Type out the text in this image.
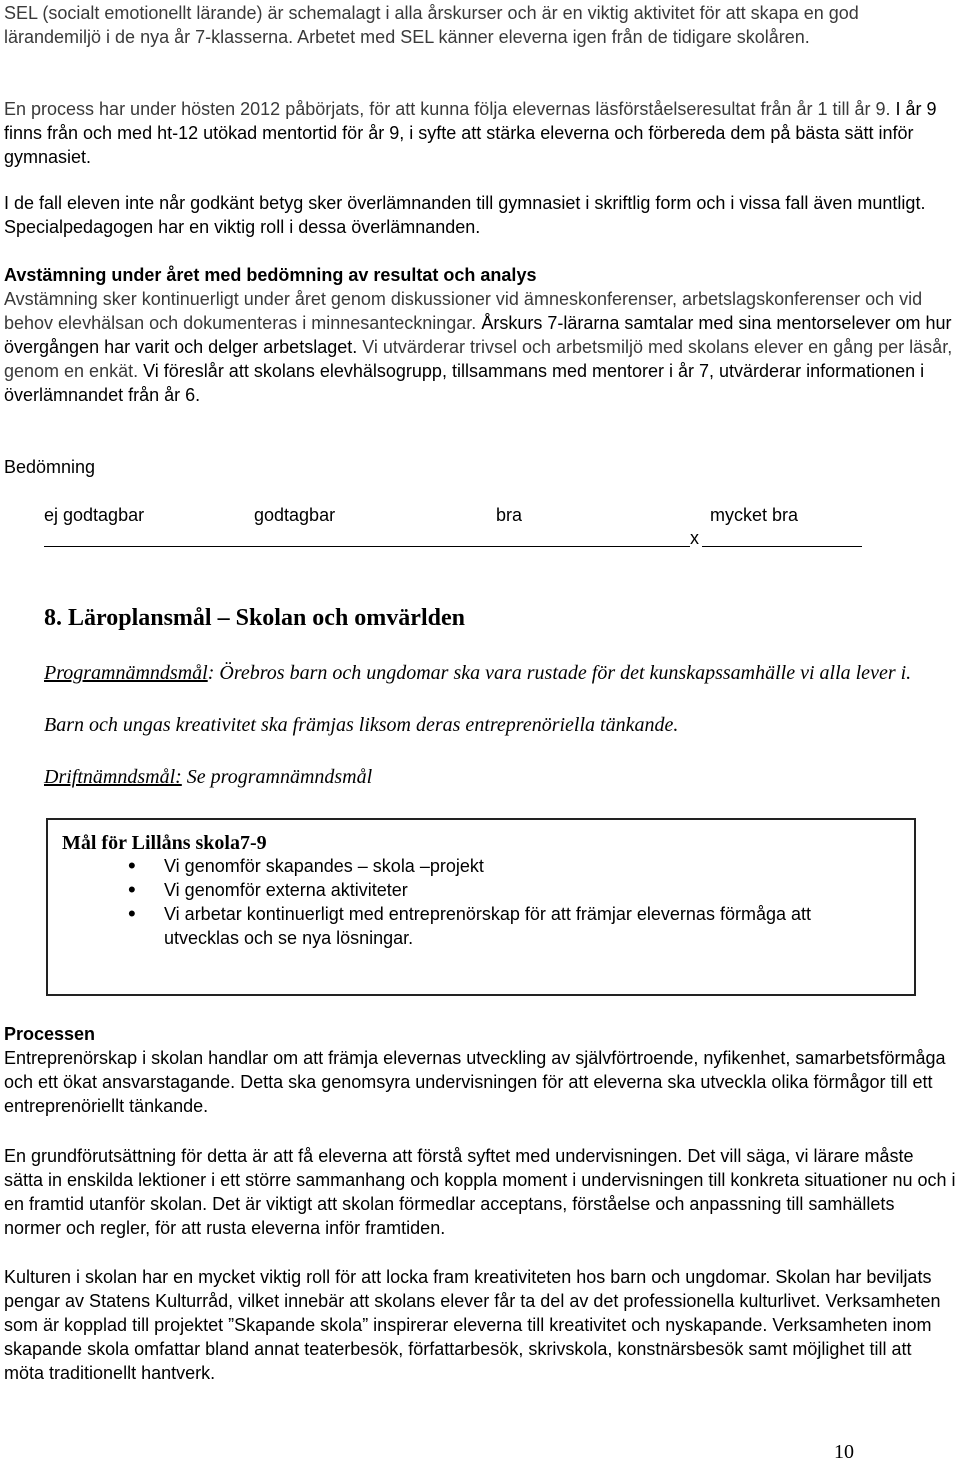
SEL (socialt emotionellt lärande) är schemalagt i alla årskurser och är en viktig aktivitet för att skapa en god lärandemiljö i de nya år 7-klasserna. Arbetet med SEL känner eleverna igen från de tidigare skolåren.

En process har under hösten 2012 påbörjats, för att kunna följa elevernas läsförståelseresultat från år 1 till år 9. I år 9 finns från och med ht-12 utökad mentortid för år 9, i syfte att stärka eleverna och förbereda dem på bästa sätt inför gymnasiet.

I de fall eleven inte når godkänt betyg sker överlämnanden till gymnasiet i skriftlig form och i vissa fall även muntligt. Specialpedagogen har en viktig roll i dessa överlämnanden.

Avstämning under året med bedömning av resultat och analys

Avstämning sker kontinuerligt under året genom diskussioner vid ämneskonferenser, arbetslagskonferenser och vid behov elevhälsan och dokumenteras i minnesanteckningar. Årskurs 7-lärarna samtalar med sina mentorselever om hur övergången har varit och delger arbetslaget. Vi utvärderar trivsel och arbetsmiljö med skolans elever en gång per läsår, genom en enkät. Vi föreslår att skolans elevhälsogrupp, tillsammans med mentorer i år 7, utvärderar informationen i överlämnandet från år 6.

Bedömning

ej godtagbar	godtagbar	bra	mycket bra
x

8. Läroplansmål – Skolan och omvärlden

Programnämndsmål: Örebros barn och ungdomar ska vara rustade för det kunskapssamhälle vi alla lever i.

Barn och ungas kreativitet ska främjas liksom deras entreprenöriella tänkande.

Driftnämndsmål: Se programnämndsmål

Mål för Lillåns skola7-9

• Vi genomför skapandes – skola –projekt
• Vi genomför externa aktiviteter
• Vi arbetar kontinuerligt med entreprenörskap för att främjar elevernas förmåga att utvecklas och se nya lösningar.

Processen

Entreprenörskap i skolan handlar om att främja elevernas utveckling av självförtroende, nyfikenhet, samarbetsförmåga och ett ökat ansvarstagande. Detta ska genomsyra undervisningen för att eleverna ska utveckla olika förmågor till ett entreprenöriellt tänkande.

En grundförutsättning för detta är att få eleverna att förstå syftet med undervisningen. Det vill säga, vi lärare måste sätta in enskilda lektioner i ett större sammanhang och koppla moment i undervisningen till konkreta situationer nu och i en framtid utanför skolan. Det är viktigt att skolan förmedlar acceptans, förståelse och anpassning till samhällets normer och regler, för att rusta eleverna inför framtiden.

Kulturen i skolan har en mycket viktig roll för att locka fram kreativiteten hos barn och ungdomar. Skolan har beviljats pengar av Statens Kulturråd, vilket innebär att skolans elever får ta del av det professionella kulturlivet. Verksamheten som är kopplad till projektet ”Skapande skola” inspirerar eleverna till kreativitet och nyskapande. Verksamheten inom skapande skola omfattar bland annat teaterbesök, författarbesök, skrivskola, konstnärsbesök samt möjlighet till att möta traditionellt hantverk.

10
